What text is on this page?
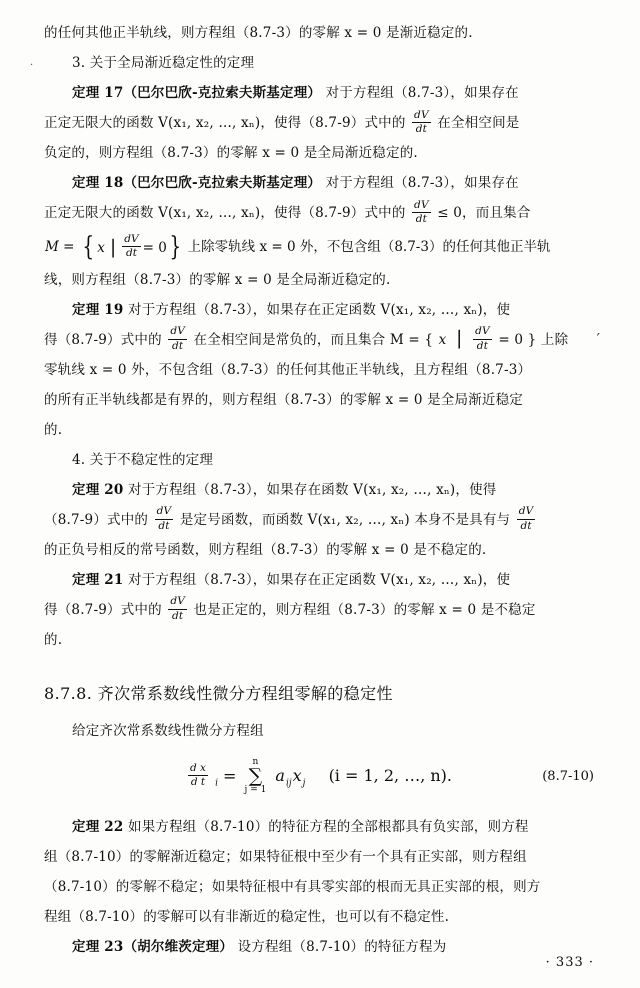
·
′

的任何其他正半轨线，则方程组（8.7-3）的零解 x = 0 是渐近稳定的.

3. 关于全局渐近稳定性的定理

定理 17（巴尔巴欣-克拉索夫斯基定理） 对于方程组（8.7-3），如果存在

正定无限大的函数 V(x₁, x₂, …, xₙ)，使得（8.7-9）式中的 $\frac{dV}{dt}$ 在全相空间是

负定的，则方程组（8.7-3）的零解 x = 0 是全局渐近稳定的.

定理 18（巴尔巴欣-克拉索夫斯基定理） 对于方程组（8.7-3），如果存在

正定无限大的函数 V(x₁, x₂, …, xₙ)，使得（8.7-9）式中的 $\frac{dV}{dt} \le 0$，而且集合

M = { x | $\frac{dV}{dt} = 0$ } 上除零轨线 x = 0 外，不包含组（8.7-3）的任何其他正半轨

线，则方程组（8.7-3）的零解 x = 0 是全局渐近稳定的.

定理 19 对于方程组（8.7-3），如果存在正定函数 V(x₁, x₂, …, xₙ)，使

得（8.7-9）式中的 $\frac{dV}{dt}$ 在全相空间是常负的，而且集合 M = { x | $\frac{dV}{dt} = 0$ } 上除

零轨线 x = 0 外，不包含组（8.7-3）的任何其他正半轨线，且方程组（8.7-3）

的所有正半轨线都是有界的，则方程组（8.7-3）的零解 x = 0 是全局渐近稳定

的.

4. 关于不稳定性的定理

定理 20 对于方程组（8.7-3），如果存在函数 V(x₁, x₂, …, xₙ)，使得

（8.7-9）式中的 $\frac{dV}{dt}$ 是定号函数，而函数 V(x₁, x₂, …, xₙ) 本身不是具有与 $\frac{dV}{dt}$

的正负号相反的常号函数，则方程组（8.7-3）的零解 x = 0 是不稳定的.

定理 21 对于方程组（8.7-3），如果存在正定函数 V(x₁, x₂, …, xₙ)，使

得（8.7-9）式中的 $\frac{dV}{dt}$ 也是正定的，则方程组（8.7-3）的零解 x = 0 是不稳定

的.

8.7.8. 齐次常系数线性微分方程组零解的稳定性

给定齐次常系数线性微分方程组

$\frac{\text{d x}}{\text{d t}} _i$ =
n
∑
j = 1
$a_{ij}x_j$ (i = 1, 2, …, n).	(8.7-10)

定理 22 如果方程组（8.7-10）的特征方程的全部根都具有负实部，则方程

组（8.7-10）的零解渐近稳定；如果特征根中至少有一个具有正实部，则方程组

（8.7-10）的零解不稳定；如果特征根中有具零实部的根而无具正实部的根，则方

程组（8.7-10）的零解可以有非渐近的稳定性，也可以有不稳定性.

定理 23（胡尔维茨定理） 设方程组（8.7-10）的特征方程为

· 333 ·
